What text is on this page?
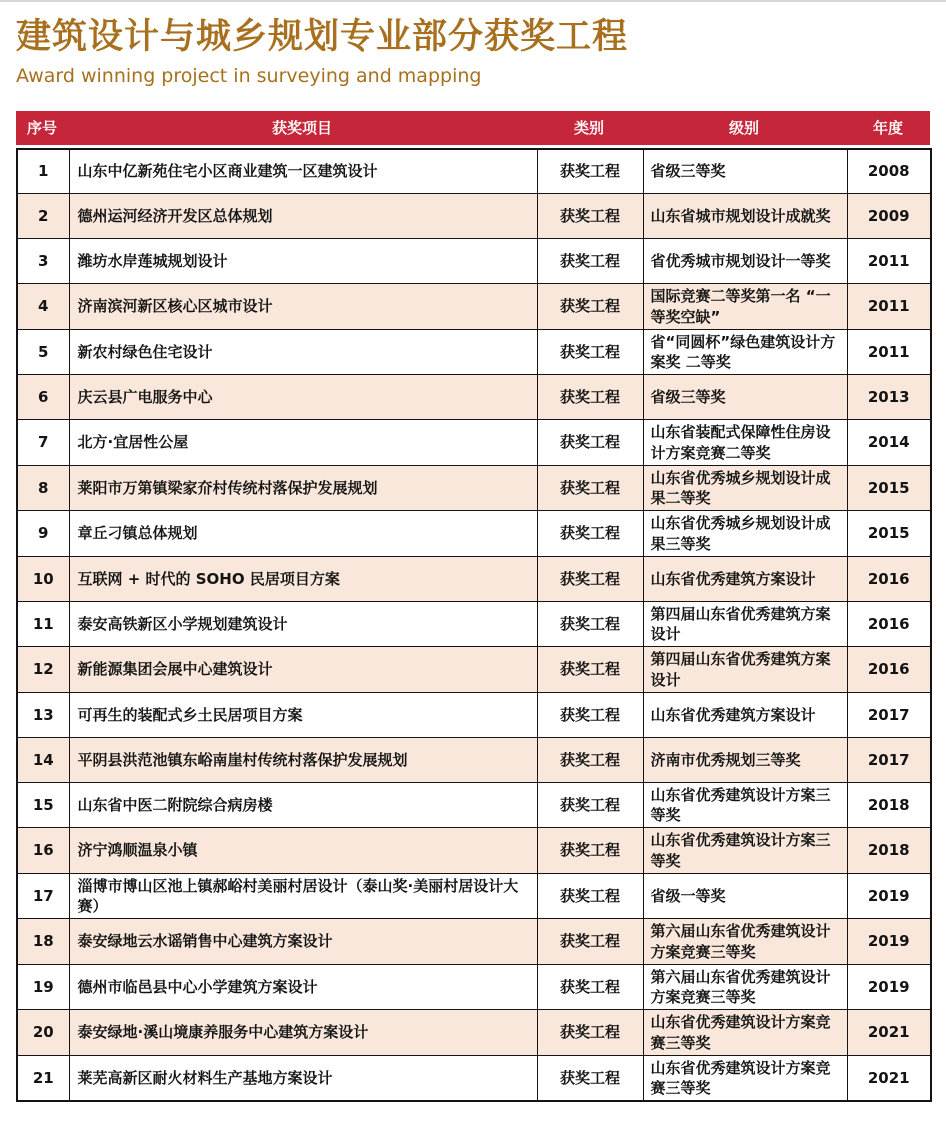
建筑设计与城乡规划专业部分获奖工程
Award winning project in surveying and mapping
序号	获奖项目	类别	级别	年度
1	山东中亿新苑住宅小区商业建筑一区建筑设计	获奖工程	省级三等奖	2008
2	德州运河经济开发区总体规划	获奖工程	山东省城市规划设计成就奖	2009
3	潍坊水岸莲城规划设计	获奖工程	省优秀城市规划设计一等奖	2011
4	济南滨河新区核心区城市设计	获奖工程	国际竞赛二等奖第一名 “一等奖空缺”	2011
5	新农村绿色住宅设计	获奖工程	省“同圆杯”绿色建筑设计方案奖 二等奖	2011
6	庆云县广电服务中心	获奖工程	省级三等奖	2013
7	北方·宜居性公屋	获奖工程	山东省装配式保障性住房设计方案竞赛二等奖	2014
8	莱阳市万第镇梁家夼村传统村落保护发展规划	获奖工程	山东省优秀城乡规划设计成果二等奖	2015
9	章丘刁镇总体规划	获奖工程	山东省优秀城乡规划设计成果三等奖	2015
10	互联网 + 时代的 SOHO 民居项目方案	获奖工程	山东省优秀建筑方案设计	2016
11	泰安高铁新区小学规划建筑设计	获奖工程	第四届山东省优秀建筑方案设计	2016
12	新能源集团会展中心建筑设计	获奖工程	第四届山东省优秀建筑方案设计	2016
13	可再生的装配式乡土民居项目方案	获奖工程	山东省优秀建筑方案设计	2017
14	平阴县洪范池镇东峪南崖村传统村落保护发展规划	获奖工程	济南市优秀规划三等奖	2017
15	山东省中医二附院综合病房楼	获奖工程	山东省优秀建筑设计方案三等奖	2018
16	济宁鸿顺温泉小镇	获奖工程	山东省优秀建筑设计方案三等奖	2018
17	淄博市博山区池上镇郝峪村美丽村居设计（泰山奖·美丽村居设计大赛）	获奖工程	省级一等奖	2019
18	泰安绿地云水谣销售中心建筑方案设计	获奖工程	第六届山东省优秀建筑设计方案竞赛三等奖	2019
19	德州市临邑县中心小学建筑方案设计	获奖工程	第六届山东省优秀建筑设计方案竞赛三等奖	2019
20	泰安绿地·溪山境康养服务中心建筑方案设计	获奖工程	山东省优秀建筑设计方案竞赛三等奖	2021
21	莱芜高新区耐火材料生产基地方案设计	获奖工程	山东省优秀建筑设计方案竞赛三等奖	2021
